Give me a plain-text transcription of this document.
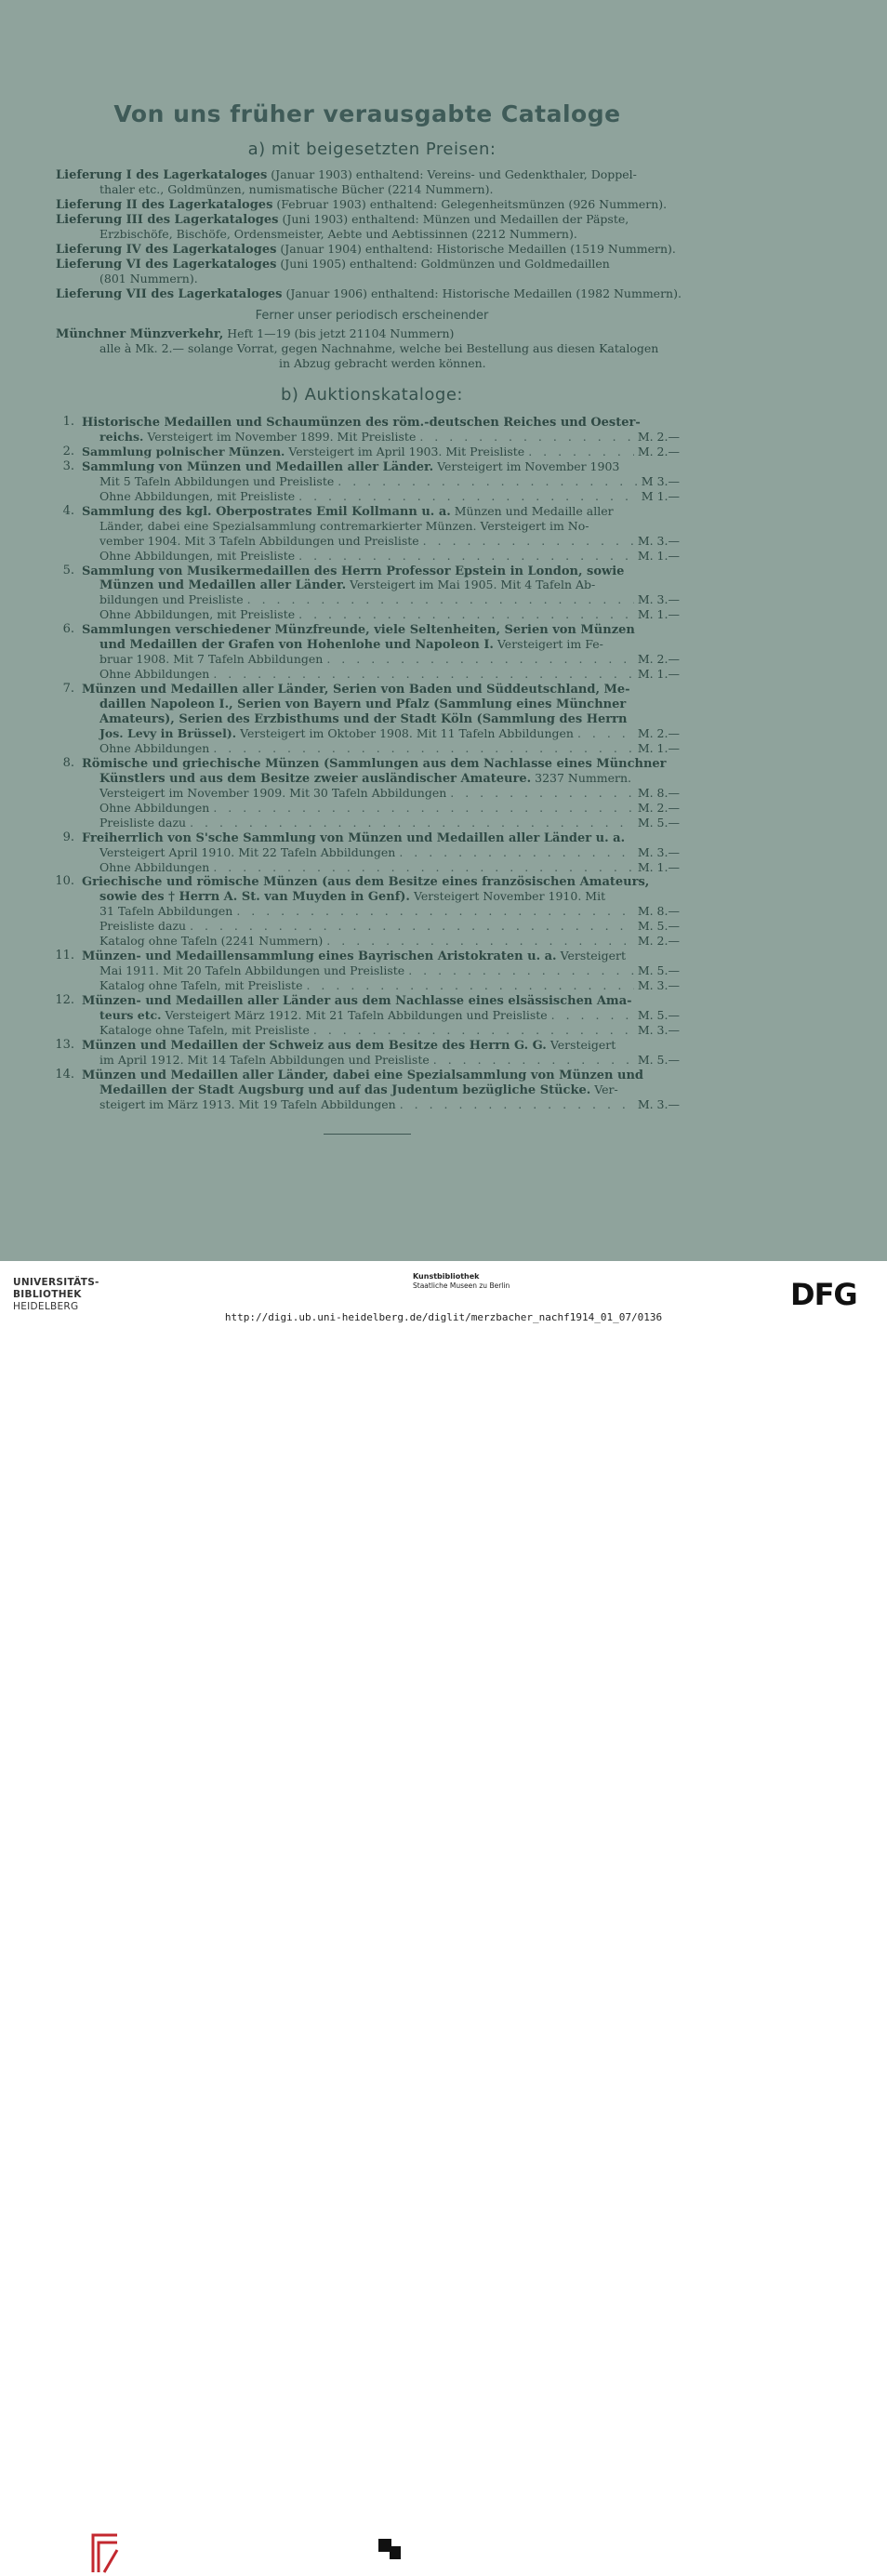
Von uns früher verausgabte Cataloge
a) mit beigesetzten Preisen:
Lieferung I des Lagerkataloges (Januar 1903) enthaltend: Vereins- und Gedenkthaler, Doppel-
thaler etc., Goldmünzen, numismatische Bücher (2214 Nummern).
Lieferung II des Lagerkataloges (Februar 1903) enthaltend: Gelegenheitsmünzen (926 Nummern).
Lieferung III des Lagerkataloges (Juni 1903) enthaltend: Münzen und Medaillen der Päpste,
Erzbischöfe, Bischöfe, Ordensmeister, Aebte und Aebtissinnen (2212 Nummern).
Lieferung IV des Lagerkataloges (Januar 1904) enthaltend: Historische Medaillen (1519 Nummern).
Lieferung VI des Lagerkataloges (Juni 1905) enthaltend: Goldmünzen und Goldmedaillen
(801 Nummern).
Lieferung VII des Lagerkataloges (Januar 1906) enthaltend: Historische Medaillen (1982 Nummern).
Ferner unser periodisch erscheinender
Münchner Münzverkehr, Heft 1—19 (bis jetzt 21104 Nummern)
alle à Mk. 2.— solange Vorrat, gegen Nachnahme, welche bei Bestellung aus diesen Katalogen
in Abzug gebracht werden können.
b) Auktionskataloge:
1. Historische Medaillen und Schaumünzen des röm.-deutschen Reiches und Oester-
reichs. Versteigert im November 1899. Mit Preisliste . . .	M. 2.—
2. Sammlung polnischer Münzen. Versteigert im April 1903. Mit Preisliste . . .	M. 2.—
3. Sammlung von Münzen und Medaillen aller Länder. Versteigert im November 1903
Mit 5 Tafeln Abbildungen und Preisliste . . .	M 3.—
Ohne Abbildungen, mit Preisliste . . .	M 1.—
4. Sammlung des kgl. Oberpostrates Emil Kollmann u. a. Münzen und Medaille aller
Länder, dabei eine Spezialsammlung contremarkierter Münzen. Versteigert im No-
vember 1904. Mit 3 Tafeln Abbildungen und Preisliste . . .	M. 3.—
Ohne Abbildungen, mit Preisliste . . .	M. 1.—
5. Sammlung von Musikermedaillen des Herrn Professor Epstein in London, sowie
Münzen und Medaillen aller Länder. Versteigert im Mai 1905. Mit 4 Tafeln Ab-
bildungen und Preisliste . . .	M. 3.—
Ohne Abbildungen, mit Preisliste . . .	M. 1.—
6. Sammlungen verschiedener Münzfreunde, viele Seltenheiten, Serien von Münzen
und Medaillen der Grafen von Hohenlohe und Napoleon I. Versteigert im Fe-
bruar 1908. Mit 7 Tafeln Abbildungen . . .	M. 2.—
Ohne Abbildungen . . .	M. 1.—
7. Münzen und Medaillen aller Länder, Serien von Baden und Süddeutschland, Me-
daillen Napoleon I., Serien von Bayern und Pfalz (Sammlung eines Münchner
Amateurs), Serien des Erzbisthums und der Stadt Köln (Sammlung des Herrn
Jos. Levy in Brüssel). Versteigert im Oktober 1908. Mit 11 Tafeln Abbildungen . . .	M. 2.—
Ohne Abbildungen . . .	M. 1.—
8. Römische und griechische Münzen (Sammlungen aus dem Nachlasse eines Münchner
Künstlers und aus dem Besitze zweier ausländischer Amateure. 3237 Nummern.
Versteigert im November 1909. Mit 30 Tafeln Abbildungen . . .	M. 8.—
Ohne Abbildungen . . .	M. 2.—
Preisliste dazu . . .	M. 5.—
9. Freiherrlich von S'sche Sammlung von Münzen und Medaillen aller Länder u. a.
Versteigert April 1910. Mit 22 Tafeln Abbildungen . . .	M. 3.—
Ohne Abbildungen . . .	M. 1.—
10. Griechische und römische Münzen (aus dem Besitze eines französischen Amateurs,
sowie des † Herrn A. St. van Muyden in Genf). Versteigert November 1910. Mit
31 Tafeln Abbildungen . . .	M. 8.—
Preisliste dazu . . .	M. 5.—
Katalog ohne Tafeln (2241 Nummern) . . .	M. 2.—
11. Münzen- und Medaillensammlung eines Bayrischen Aristokraten u. a. Versteigert
Mai 1911. Mit 20 Tafeln Abbildungen und Preisliste . . .	M. 5.—
Katalog ohne Tafeln, mit Preisliste . . .	M. 3.—
12. Münzen- und Medaillen aller Länder aus dem Nachlasse eines elsässischen Ama-
teurs etc. Versteigert März 1912. Mit 21 Tafeln Abbildungen und Preisliste . . .	M. 5.—
Kataloge ohne Tafeln, mit Preisliste . . .	M. 3.—
13. Münzen und Medaillen der Schweiz aus dem Besitze des Herrn G. G. Versteigert
im April 1912. Mit 14 Tafeln Abbildungen und Preisliste . . .	M. 5.—
14. Münzen und Medaillen aller Länder, dabei eine Spezialsammlung von Münzen und
Medaillen der Stadt Augsburg und auf das Judentum bezügliche Stücke. Ver-
steigert im März 1913. Mit 19 Tafeln Abbildungen . . .	M. 3.—
UNIVERSITÄTS-
BIBLIOTHEK
HEIDELBERG
Kunstbibliothek
Staatliche Museen zu Berlin	DFG
http://digi.ub.uni-heidelberg.de/diglit/merzbacher_nachf1914_01_07/0136
